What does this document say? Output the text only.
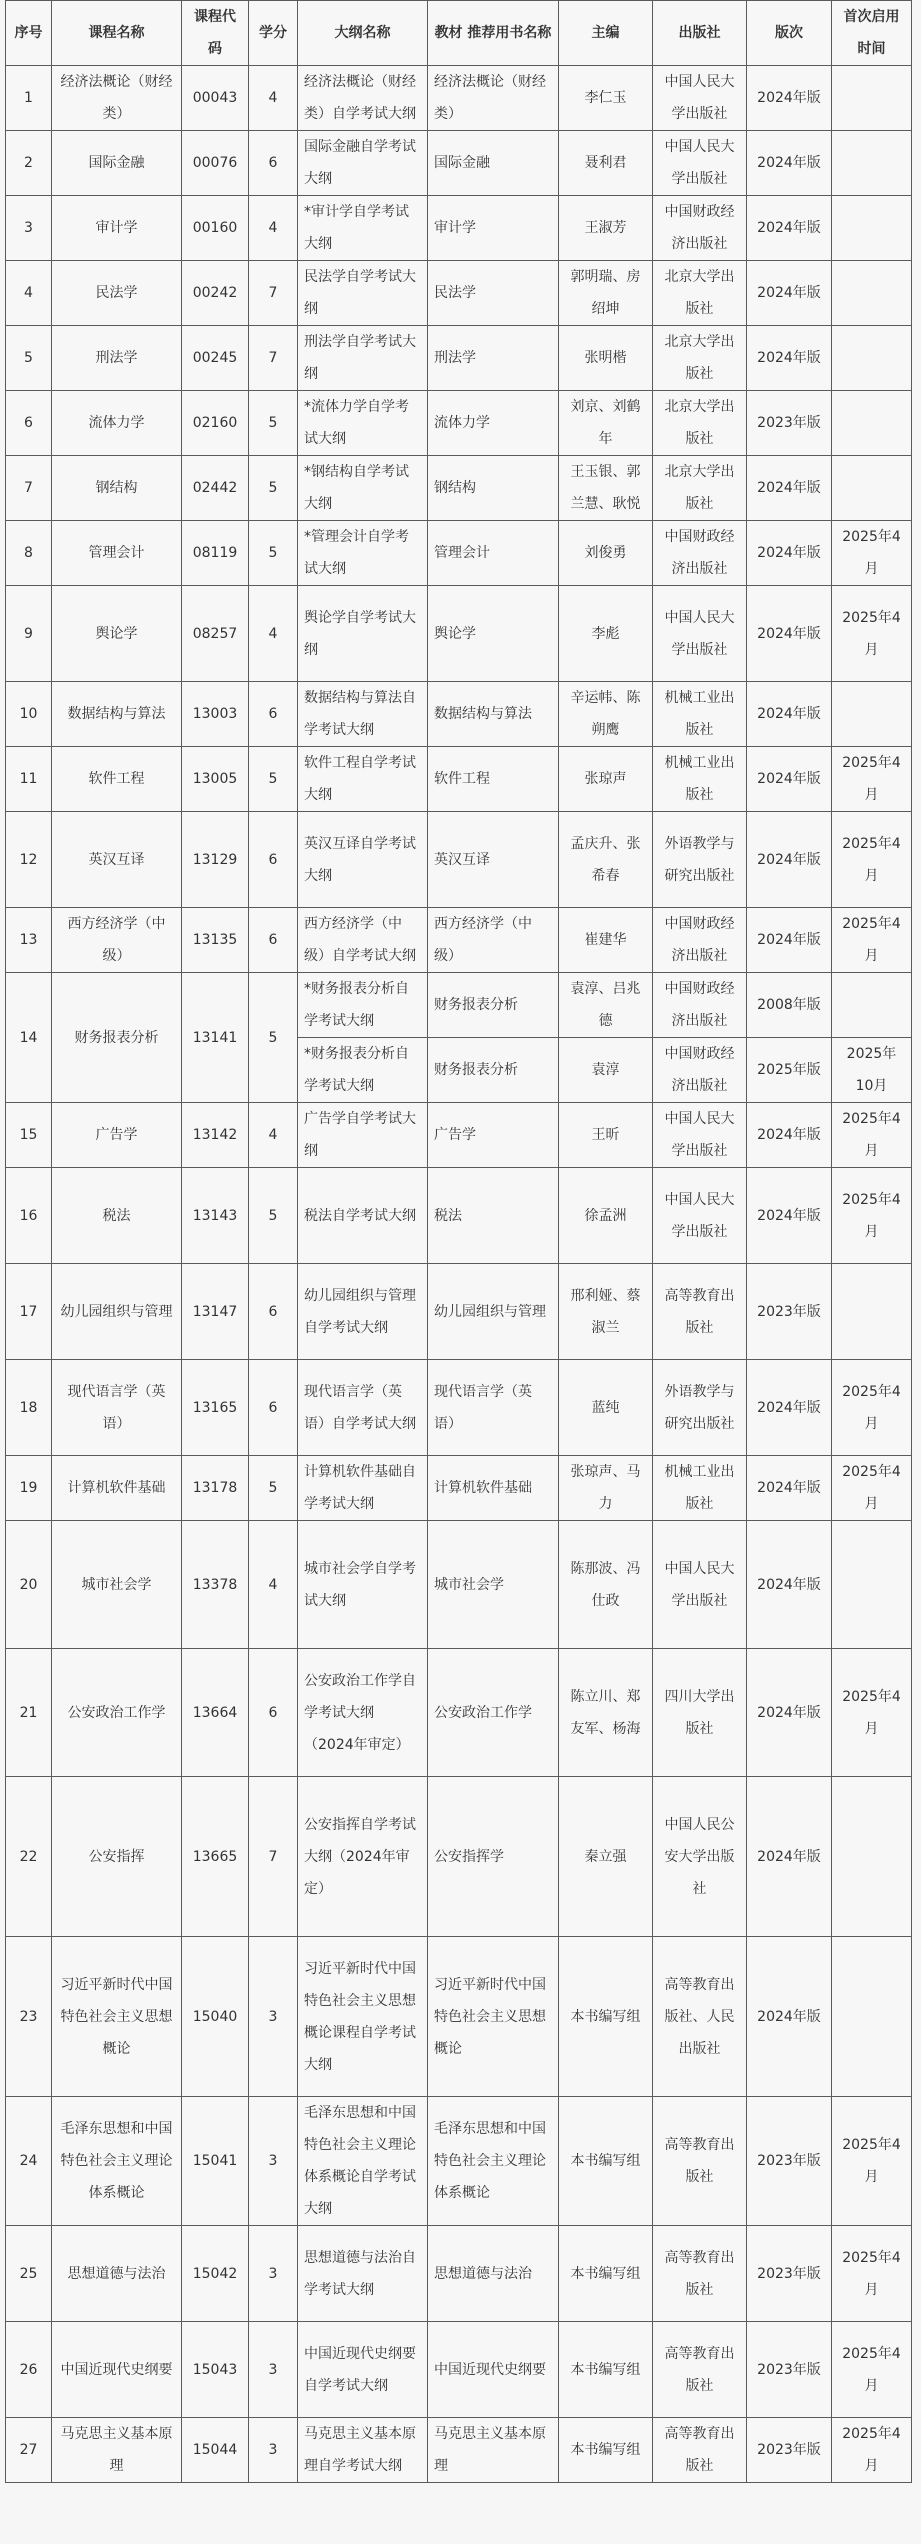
序号	课程名称	课程代码	学分	大纲名称	教材 推荐用书名称	主编	出版社	版次	首次启用时间
1	经济法概论（财经类）	00043	4	经济法概论（财经类）自学考试大纲	经济法概论（财经类）	李仁玉	中国人民大学出版社	2024年版	
2	国际金融	00076	6	国际金融自学考试大纲	国际金融	聂利君	中国人民大学出版社	2024年版	
3	审计学	00160	4	*审计学自学考试大纲	审计学	王淑芳	中国财政经济出版社	2024年版	
4	民法学	00242	7	民法学自学考试大纲	民法学	郭明瑞、房绍坤	北京大学出版社	2024年版	
5	刑法学	00245	7	刑法学自学考试大纲	刑法学	张明楷	北京大学出版社	2024年版	
6	流体力学	02160	5	*流体力学自学考试大纲	流体力学	刘京、刘鹤年	北京大学出版社	2023年版	
7	钢结构	02442	5	*钢结构自学考试大纲	钢结构	王玉银、郭兰慧、耿悦	北京大学出版社	2024年版	
8	管理会计	08119	5	*管理会计自学考试大纲	管理会计	刘俊勇	中国财政经济出版社	2024年版	2025年4月
9	舆论学	08257	4	舆论学自学考试大纲	舆论学	李彪	中国人民大学出版社	2024年版	2025年4月
10	数据结构与算法	13003	6	数据结构与算法自学考试大纲	数据结构与算法	辛运帏、陈朔鹰	机械工业出版社	2024年版	
11	软件工程	13005	5	软件工程自学考试大纲	软件工程	张琼声	机械工业出版社	2024年版	2025年4月
12	英汉互译	13129	6	英汉互译自学考试大纲	英汉互译	孟庆升、张希春	外语教学与研究出版社	2024年版	2025年4月
13	西方经济学（中级）	13135	6	西方经济学（中级）自学考试大纲	西方经济学（中级）	崔建华	中国财政经济出版社	2024年版	2025年4月
14	财务报表分析	13141	5	*财务报表分析自学考试大纲	财务报表分析	袁淳、吕兆德	中国财政经济出版社	2008年版	
				*财务报表分析自学考试大纲	财务报表分析	袁淳	中国财政经济出版社	2025年版	2025年10月
15	广告学	13142	4	广告学自学考试大纲	广告学	王昕	中国人民大学出版社	2024年版	2025年4月
16	税法	13143	5	税法自学考试大纲	税法	徐孟洲	中国人民大学出版社	2024年版	2025年4月
17	幼儿园组织与管理	13147	6	幼儿园组织与管理自学考试大纲	幼儿园组织与管理	邢利娅、蔡淑兰	高等教育出版社	2023年版	
18	现代语言学（英语）	13165	6	现代语言学（英语）自学考试大纲	现代语言学（英语）	蓝纯	外语教学与研究出版社	2024年版	2025年4月
19	计算机软件基础	13178	5	计算机软件基础自学考试大纲	计算机软件基础	张琼声、马力	机械工业出版社	2024年版	2025年4月
20	城市社会学	13378	4	城市社会学自学考试大纲	城市社会学	陈那波、冯仕政	中国人民大学出版社	2024年版	
21	公安政治工作学	13664	6	公安政治工作学自学考试大纲（2024年审定）	公安政治工作学	陈立川、郑友军、杨海	四川大学出版社	2024年版	2025年4月
22	公安指挥	13665	7	公安指挥自学考试大纲（2024年审定）	公安指挥学	秦立强	中国人民公安大学出版社	2024年版	
23	习近平新时代中国特色社会主义思想概论	15040	3	习近平新时代中国特色社会主义思想概论课程自学考试大纲	习近平新时代中国特色社会主义思想概论	本书编写组	高等教育出版社、人民出版社	2024年版	
24	毛泽东思想和中国特色社会主义理论体系概论	15041	3	毛泽东思想和中国特色社会主义理论体系概论自学考试大纲	毛泽东思想和中国特色社会主义理论体系概论	本书编写组	高等教育出版社	2023年版	2025年4月
25	思想道德与法治	15042	3	思想道德与法治自学考试大纲	思想道德与法治	本书编写组	高等教育出版社	2023年版	2025年4月
26	中国近现代史纲要	15043	3	中国近现代史纲要自学考试大纲	中国近现代史纲要	本书编写组	高等教育出版社	2023年版	2025年4月
27	马克思主义基本原理	15044	3	马克思主义基本原理自学考试大纲	马克思主义基本原理	本书编写组	高等教育出版社	2023年版	2025年4月
